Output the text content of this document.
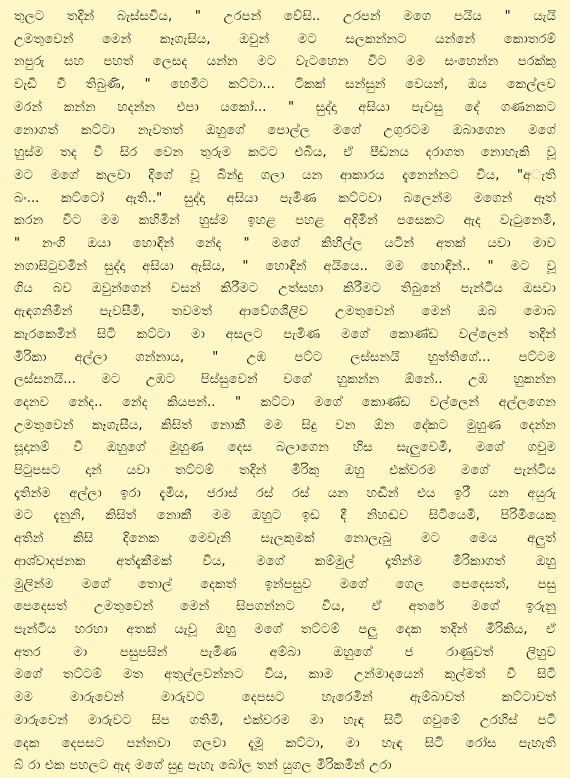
තුලට තදින් බැස්සවිය, " උරපන් වේසි.. උරපන් මගෙ පයිය " යැයි
උමතුවෙන් මෙන් කෑගැසිය, ඔවුන් මට සලකන්නට යන්නේ කොතරම්
නපුරු සහ පහත් ලෙසද යන්න මට වැටහෙන විට මම සංහෙන්න පරක්කු
වැඩි වී තිබුණි, " හෙමිට කට්ටා... ටිකක් සන්සුන් වෙයන්, ඔය කෙල්ලව
මරන් කන්න හදන්න එපා යකෝ... " සුද්දා අසියා පැවසු දේ ගණනකට
නොගත් කට්ටා නැවතත් ඔහුගේ පොල්ල මගේ උගුරටම ඔබාගෙන මගේ
හුස්ම තද වී සිර වෙන තුරුම කටට එබිය, ඒ පීඩනය දරාගත නොහැකි වූ
මට මගේ කලවා දිගේ වූ බින්දු ගලා යන ආකාරය දැනෙන්නට විය, "අැති
බං... කට්ටෝ ඇති.." සුද්දා අසියා පැමිණ කට්ටවා බලෙන්ම මගෙන් ඈත්
කරන විට මම කහිමින් හුස්ම ඉහළ පහළ අදිමින් පසෙකට ඇද වැටුනෙමි,
" නංගි ඔයා හොඳින් නේද " මගේ කිහිල්ල යටින් අතක් යවා මාව
නගාසිටුවමින් සුද්දා අසියා ඇසිය, " හොඳින් අයියෙ.. මම හොඳින්.. " මට වූ
ගිය බව ඔවුන්ගෙන් වසන් කිරීමට උත්සහා කිරීමට තිබුනේ පැන්ටිය ඔසවා
ඇඳගනිමින් පැවසීමි, තවමත් ආවේගශීලිව උමතුවෙන් මෙන් ඔබ මොබ
කැරකෙමින් සිටි කට්ටා මා අසලට පැමිණ මගේ කොණ්ඩ වල්ලෙන් තදින්
මිරිකා අල්ලා ගන්නාය, " උඹ පට්ට ලස්සනයි හුත්තිගේ... පට්ටම
ලස්සනයි... මට උඹට පිස්සුවෙන් වගේ හුකන්න ඕනේ.. උඹ හුකන්න
දෙනව නේද.. නේද කියපන්.. " කට්ටා මගේ කොණ්ඩ වල්ලෙන් අල්ලගෙන
උමතුවෙන් කෑගැසීය, කිසිත් නොකී මම සිදු වන ඕන දේකට මුහුණ දෙන්න
සූදානම් වී ඔහුගේ මුහුණ දෙස බලාගෙන හිස සැලුවෙමි, මගේ ගවුම
පිටුපසට දාන් යවා තට්ටම් තදින් මිරිකු ඔහු එක්වරම මගේ පැන්ටිය
දෑතින්ම අල්ලා ඉරා දැමිය, ජරාස් රස් රස් යන හඬින් එය ඉරී යන අයුරු
මට දැනුනි, කිසිත් නොකී මම ඔහුට ඉඩ දී නිහඬව සිටියෙමි, පිරිමියෙකු
අතින් කිසි දිනෙක මෙවැනි සැලකුමක් නොලැබු මට මෙය අලුත්
ආශ්වාදජනක අත්දැකීමක් විය, මගේ කම්මුල් දෑතින්ම මිරිකාගත් ඔහු
මුලින්ම මගේ තොල් දෙකත් ඉන්පසුව මගේ ගෙල පෙදෙසත්, පසු
පෙදෙසත් උමතුවෙන් මෙන් සිපගන්නට විය, ඒ අතරේ මගේ ඉරුනු
පැන්ටිය හරහා අතක් යැවූ ඔහු මගේ තට්ටම් පලු දෙක තදින් මිරිකිය, ඒ
අතර මා පසුපසින් පැමිණ අම්බා ඔහුගේ ජ රාණුවත් ලිහුව
මගේ තට්ටම් මත අතුල්ලවන්නට විය, කාම උන්මාදයෙන් කුල්මත් වී සිටි
මම මාරුවෙන් මාරුවට දෙපසට හැරෙමින් ඇම්බාවත් කට්ටාවත්
මාරුවෙන් මාරුවට සිප ගතිමි, එක්වරම මා හැඳ සිටි ගවුමේ උරහිස් පටි
දෙක දෙපසට පන්නවා ගලවා දැමූ කට්ටා, මා හැඳ සිටි රෝස පැහැති
බ් රා එක පහලට ඇද මගේ සුදු පැහැ බෝල තන් යුගල මිරිකමින් උරා
